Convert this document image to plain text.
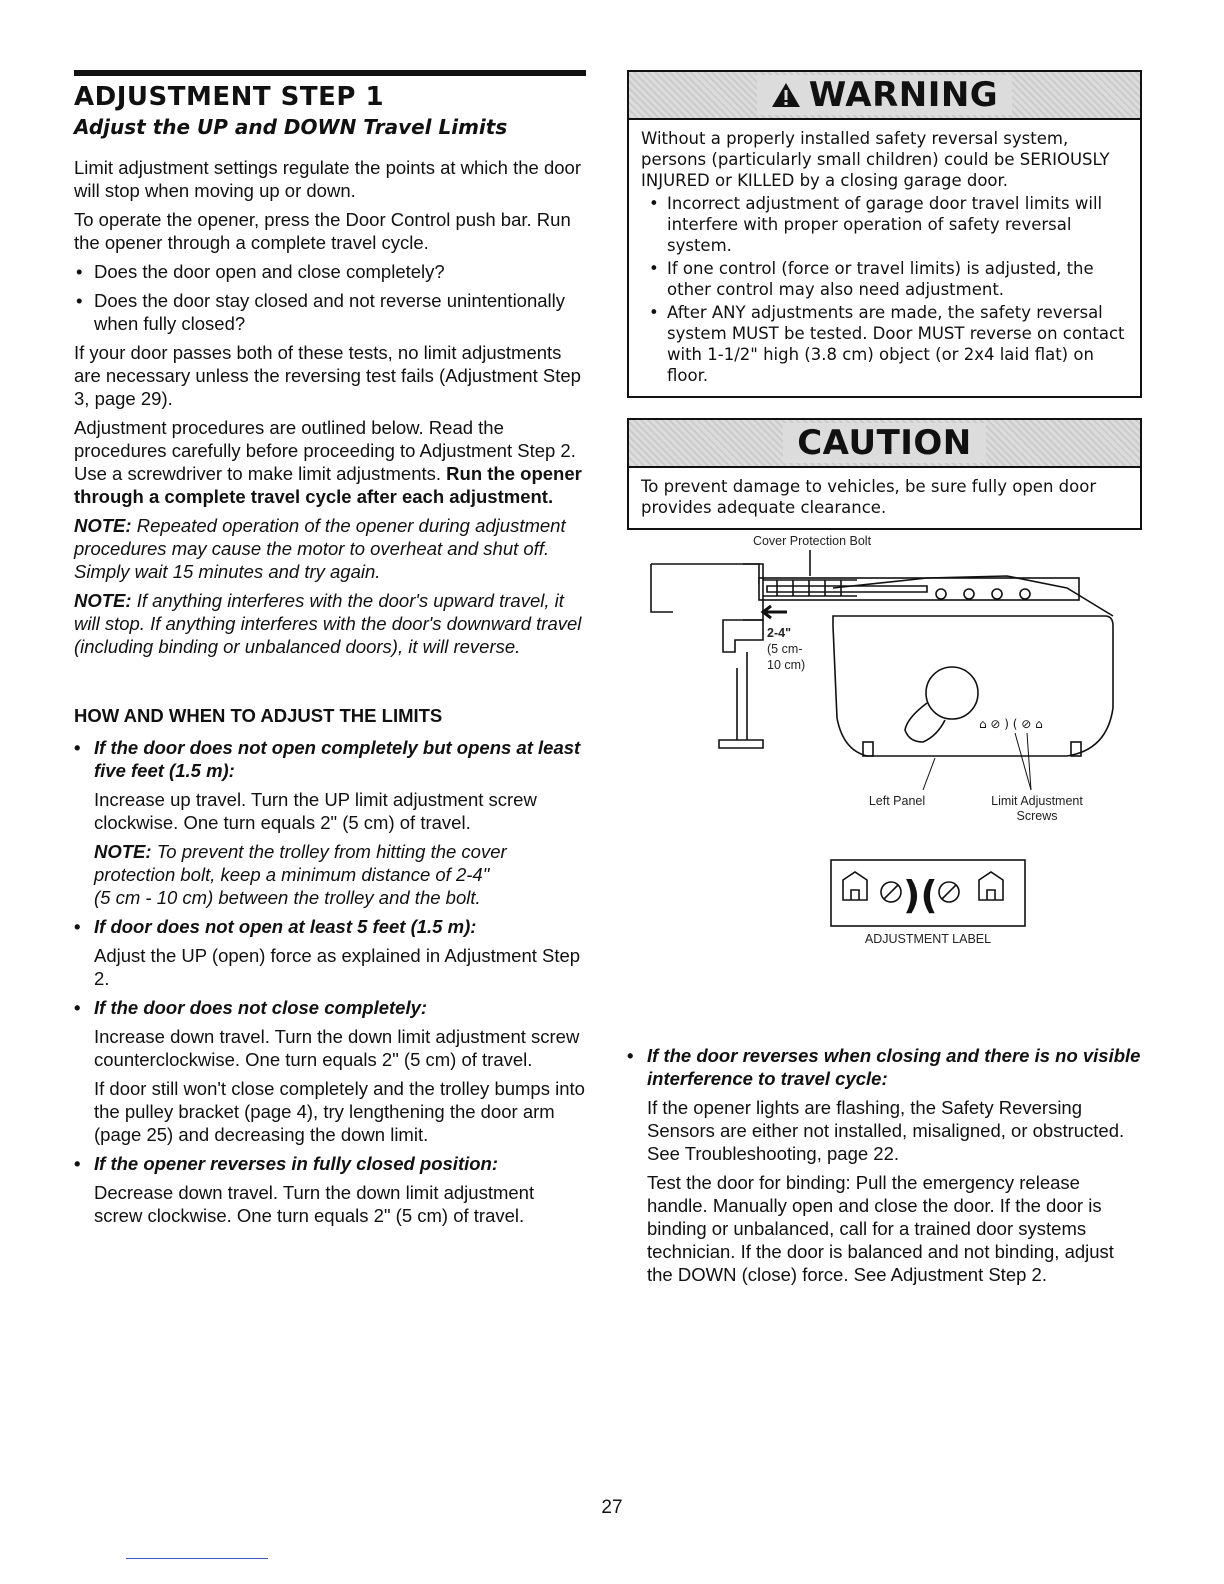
ADJUSTMENT STEP 1
Adjust the UP and DOWN Travel Limits

Limit adjustment settings regulate the points at which the door will stop when moving up or down.

To operate the opener, press the Door Control push bar. Run the opener through a complete travel cycle.

• Does the door open and close completely?
• Does the door stay closed and not reverse unintentionally when fully closed?

If your door passes both of these tests, no limit adjustments are necessary unless the reversing test fails (Adjustment Step 3, page 29).

Adjustment procedures are outlined below. Read the procedures carefully before proceeding to Adjustment Step 2. Use a screwdriver to make limit adjustments. Run the opener through a complete travel cycle after each adjustment.

NOTE: Repeated operation of the opener during adjustment procedures may cause the motor to overheat and shut off. Simply wait 15 minutes and try again.

NOTE: If anything interferes with the door's upward travel, it will stop. If anything interferes with the door's downward travel (including binding or unbalanced doors), it will reverse.

HOW AND WHEN TO ADJUST THE LIMITS
• If the door does not open completely but opens at least five feet (1.5 m):

Increase up travel. Turn the UP limit adjustment screw clockwise. One turn equals 2" (5 cm) of travel.

NOTE: To prevent the trolley from hitting the cover protection bolt, keep a minimum distance of 2-4"
(5 cm - 10 cm) between the trolley and the bolt.

• If door does not open at least 5 feet (1.5 m):

Adjust the UP (open) force as explained in Adjustment Step 2.

• If the door does not close completely:

Increase down travel. Turn the down limit adjustment screw counterclockwise. One turn equals 2" (5 cm) of travel.

If door still won't close completely and the trolley bumps into the pulley bracket (page 4), try lengthening the door arm (page 25) and decreasing the down limit.

• If the opener reverses in fully closed position:

Decrease down travel. Turn the down limit adjustment screw clockwise. One turn equals 2" (5 cm) of travel.

WARNING

Without a properly installed safety reversal system, persons (particularly small children) could be SERIOUSLY INJURED or KILLED by a closing garage door.

• Incorrect adjustment of garage door travel limits will interfere with proper operation of safety reversal system.
• If one control (force or travel limits) is adjusted, the other control may also need adjustment.
• After ANY adjustments are made, the safety reversal system MUST be tested. Door MUST reverse on contact with 1-1/2" high (3.8 cm) object (or 2x4 laid flat) on floor.
CAUTION

To prevent damage to vehicles, be sure fully open door provides adequate clearance.

⌂ ⊘ ) ( ⊘ ⌂
)(
Cover Protection Bolt
2-4"
(5 cm-
10 cm)
Left Panel	Limit Adjustment
Screws
ADJUSTMENT LABEL
• If the door reverses when closing and there is no visible interference to travel cycle:

If the opener lights are flashing, the Safety Reversing Sensors are either not installed, misaligned, or obstructed. See Troubleshooting, page 22.

Test the door for binding: Pull the emergency release handle. Manually open and close the door. If the door is binding or unbalanced, call for a trained door systems technician. If the door is balanced and not binding, adjust the DOWN (close) force. See Adjustment Step 2.

27
